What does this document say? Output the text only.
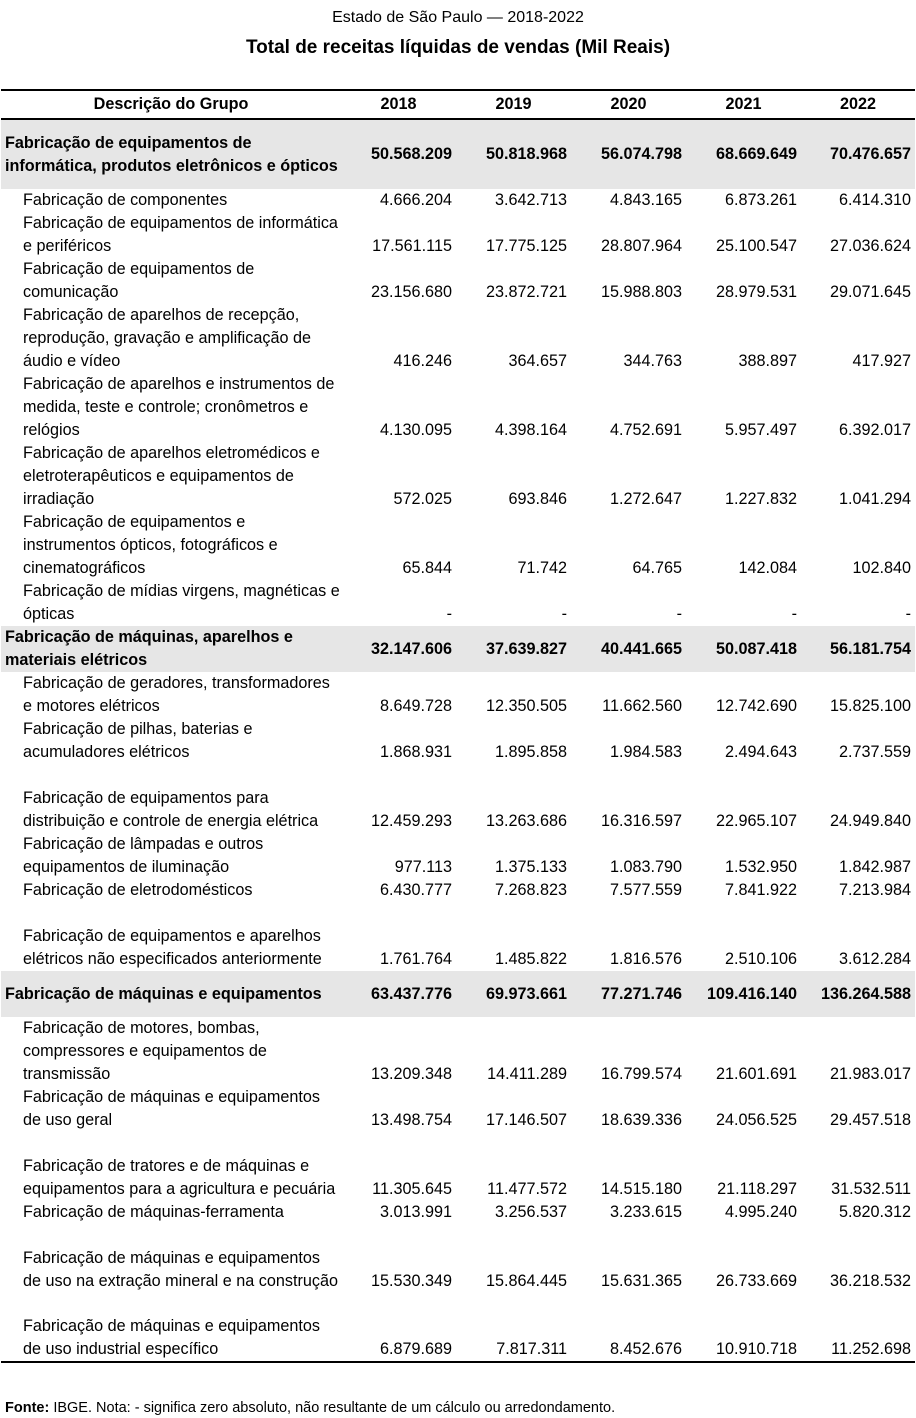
Estado de São Paulo — 2018-2022
Total de receitas líquidas de vendas (Mil Reais)
Descrição do Grupo	2018	2019	2020	2021	2022
Fabricação de equipamentos de informática, produtos eletrônicos e ópticos	50.568.209	50.818.968	56.074.798	68.669.649	70.476.657
Fabricação de componentes	4.666.204	3.642.713	4.843.165	6.873.261	6.414.310
Fabricação de equipamentos de informática e periféricos	17.561.115	17.775.125	28.807.964	25.100.547	27.036.624
Fabricação de equipamentos de comunicação	23.156.680	23.872.721	15.988.803	28.979.531	29.071.645
Fabricação de aparelhos de recepção, reprodução, gravação e amplificação de áudio e vídeo	416.246	364.657	344.763	388.897	417.927
Fabricação de aparelhos e instrumentos de medida, teste e controle; cronômetros e relógios	4.130.095	4.398.164	4.752.691	5.957.497	6.392.017
Fabricação de aparelhos eletromédicos e eletroterapêuticos e equipamentos de irradiação	572.025	693.846	1.272.647	1.227.832	1.041.294
Fabricação de equipamentos e instrumentos ópticos, fotográficos e cinematográficos	65.844	71.742	64.765	142.084	102.840
Fabricação de mídias virgens, magnéticas e ópticas	-	-	-	-	-
Fabricação de máquinas, aparelhos e materiais elétricos	32.147.606	37.639.827	40.441.665	50.087.418	56.181.754
Fabricação de geradores, transformadores e motores elétricos	8.649.728	12.350.505	11.662.560	12.742.690	15.825.100
Fabricação de pilhas, baterias e acumuladores elétricos	1.868.931	1.895.858	1.984.583	2.494.643	2.737.559
Fabricação de equipamentos para distribuição e controle de energia elétrica	12.459.293	13.263.686	16.316.597	22.965.107	24.949.840
Fabricação de lâmpadas e outros equipamentos de iluminação	977.113	1.375.133	1.083.790	1.532.950	1.842.987
Fabricação de eletrodomésticos	6.430.777	7.268.823	7.577.559	7.841.922	7.213.984
Fabricação de equipamentos e aparelhos elétricos não especificados anteriormente	1.761.764	1.485.822	1.816.576	2.510.106	3.612.284
Fabricação de máquinas e equipamentos	63.437.776	69.973.661	77.271.746	109.416.140	136.264.588
Fabricação de motores, bombas, compressores e equipamentos de transmissão	13.209.348	14.411.289	16.799.574	21.601.691	21.983.017
Fabricação de máquinas e equipamentos de uso geral	13.498.754	17.146.507	18.639.336	24.056.525	29.457.518
Fabricação de tratores e de máquinas e equipamentos para a agricultura e pecuária	11.305.645	11.477.572	14.515.180	21.118.297	31.532.511
Fabricação de máquinas-ferramenta	3.013.991	3.256.537	3.233.615	4.995.240	5.820.312
Fabricação de máquinas e equipamentos de uso na extração mineral e na construção	15.530.349	15.864.445	15.631.365	26.733.669	36.218.532
Fabricação de máquinas e equipamentos de uso industrial específico	6.879.689	7.817.311	8.452.676	10.910.718	11.252.698
Fonte: IBGE. Nota: - significa zero absoluto, não resultante de um cálculo ou arredondamento.
